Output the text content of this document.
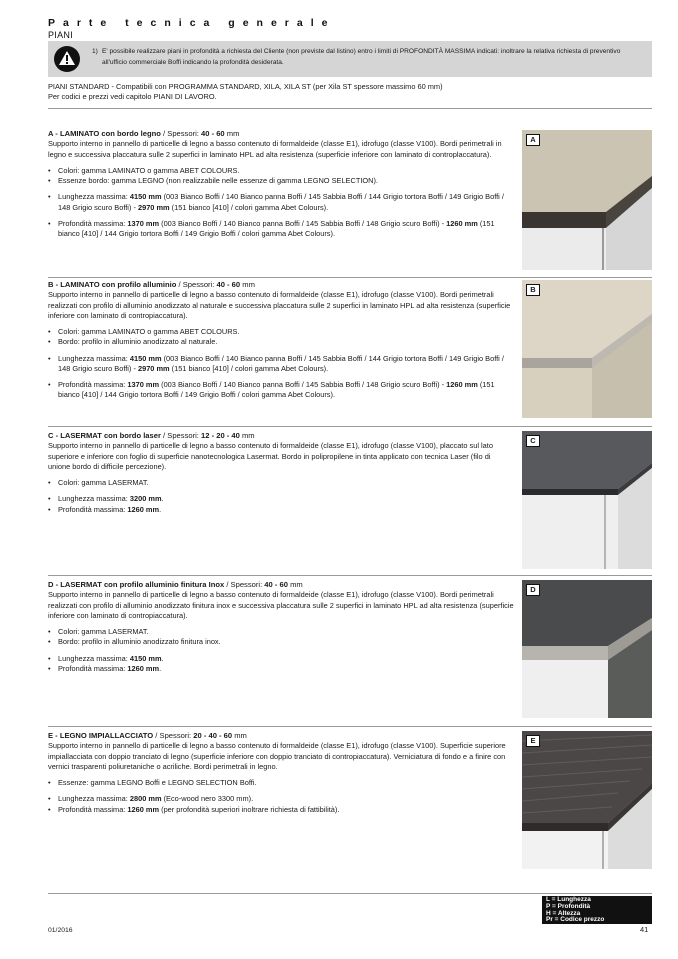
Parte tecnica generale
PIANI
1) E' possibile realizzare piani in profondità a richiesta del Cliente (non previste dal listino) entro i limiti di PROFONDITÀ MASSIMA indicati: inoltrare la relativa richiesta di preventivo all'ufficio commerciale Boffi indicando la profondità desiderata.
PIANI STANDARD - Compatibili con PROGRAMMA STANDARD, XILA, XILA ST (per Xila ST spessore massimo 60 mm)
Per codici e prezzi vedi capitolo PIANI DI LAVORO.
A - LAMINATO con bordo legno / Spessori: 40 - 60 mm
Supporto interno in pannello di particelle di legno a basso contenuto di formaldeide (classe E1), idrofugo (classe V100). Bordi perimetrali in legno e successiva placcatura sulle 2 superfici in laminato HPL ad alta resistenza (superficie inferiore con laminato di controplaccatura).
• Colori: gamma LAMINATO o gamma ABET COLOURS.
• Essenze bordo: gamma LEGNO (non realizzabile nelle essenze di gamma LEGNO SELECTION).
• Lunghezza massima: 4150 mm (003 Bianco Boffi / 140 Bianco panna Boffi / 145 Sabbia Boffi / 144 Grigio tortora Boffi / 149 Grigio Boffi / 148 Grigio scuro Boffi) - 2970 mm (151 bianco [410] / colori gamma Abet Colours).
• Profondità massima: 1370 mm (003 Bianco Boffi / 140 Bianco panna Boffi / 145 Sabbia Boffi / 148 Grigio scuro Boffi) - 1260 mm (151 bianco [410] / 144 Grigio tortora Boffi / 149 Grigio Boffi / colori gamma Abet Colours).
A
B - LAMINATO con profilo alluminio / Spessori: 40 - 60 mm
Supporto interno in pannello di particelle di legno a basso contenuto di formaldeide (classe E1), idrofugo (classe V100). Bordi perimetrali realizzati con profilo di alluminio anodizzato al naturale e successiva placcatura sulle 2 superfici in laminato HPL ad alta resistenza (superficie inferiore con laminato di contropiaccatura).
• Colori: gamma LAMINATO o gamma ABET COLOURS.
• Bordo: profilo in alluminio anodizzato al naturale.
• Lunghezza massima: 4150 mm (003 Bianco Boffi / 140 Bianco panna Boffi / 145 Sabbia Boffi / 144 Grigio tortora Boffi / 149 Grigio Boffi / 148 Grigio scuro Boffi) - 2970 mm (151 bianco [410] / colori gamma Abet Colours).
• Profondità massima: 1370 mm (003 Bianco Boffi / 140 Bianco panna Boffi / 145 Sabbia Boffi / 148 Grigio scuro Boffi) - 1260 mm (151 bianco [410] / 144 Grigio tortora Boffi / 149 Grigio Boffi / colori gamma Abet Colours).
B
C - LASERMAT con bordo laser / Spessori: 12 - 20 - 40 mm
Supporto interno in pannello di particelle di legno a basso contenuto di formaldeide (classe E1), idrofugo (classe V100), placcato sul lato superiore e inferiore con foglio di superficie nanotecnologica Lasermat. Bordo in polipropilene in tinta applicato con tecnica Laser (filo di unione bordo di difficile percezione).
• Colori: gamma LASERMAT.
• Lunghezza massima: 3200 mm.
• Profondità massima: 1260 mm.
C
D - LASERMAT con profilo alluminio finitura Inox / Spessori: 40 - 60 mm
Supporto interno in pannello di particelle di legno a basso contenuto di formaldeide (classe E1), idrofugo (classe V100). Bordi perimetrali realizzati con profilo di alluminio anodizzato finitura inox e successiva placcatura sulle 2 superfici in laminato HPL ad alta resistenza (superficie inferiore con laminato di contropiaccatura).
• Colori: gamma LASERMAT.
• Bordo: profilo in alluminio anodizzato finitura inox.
• Lunghezza massima: 4150 mm.
• Profondità massima: 1260 mm.
D
E - LEGNO IMPIALLACCIATO / Spessori: 20 - 40 - 60 mm
Supporto interno in pannello di particelle di legno a basso contenuto di formaldeide (classe E1), idrofugo (classe V100). Superficie superiore impiallacciata con doppio tranciato di legno (superficie inferiore con doppio tranciato di contropiaccatura). Verniciatura di fondo e a finire con vernici trasparenti poliuretaniche o acriliche. Bordi perimetrali in legno.
• Essenze: gamma LEGNO Boffi e LEGNO SELECTION Boffi.
• Lunghezza massima: 2800 mm (Eco-wood nero 3300 mm).
• Profondità massima: 1260 mm (per profondità superiori inoltrare richiesta di fattibilità).
E
L = Lunghezza
P = Profondità
H = Altezza
Pr = Codice prezzo
01/2016	41
